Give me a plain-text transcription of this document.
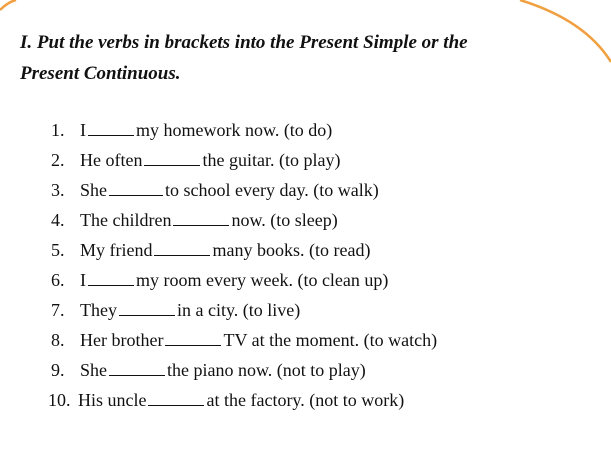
I. Put the verbs in brackets into the Present Simple or the
Present Continuous.
1. I	my homework now. (to do)
2. He often	the guitar. (to play)
3. She	to school every day. (to walk)
4. The children	now. (to sleep)
5. My friend	many books. (to read)
6. I	my room every week. (to clean up)
7. They	in a city. (to live)
8. Her brother	TV at the moment. (to watch)
9. She	the piano now. (not to play)
10. His uncle	at the factory. (not to work)
